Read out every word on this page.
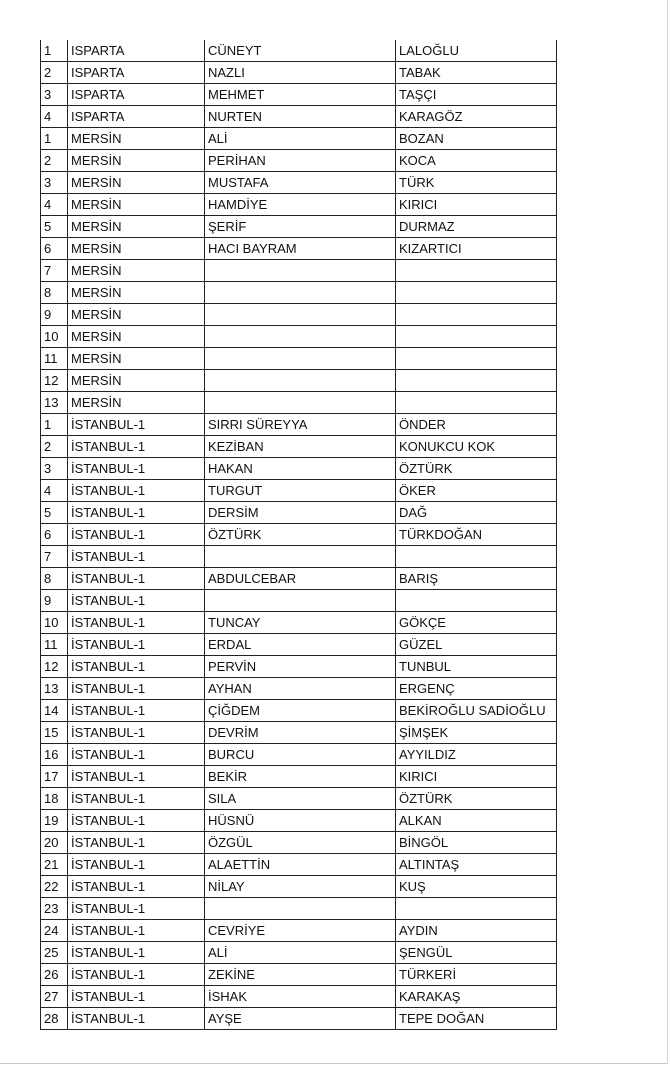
1	ISPARTA	CÜNEYT	LALOĞLU
2	ISPARTA	NAZLI	TABAK
3	ISPARTA	MEHMET	TAŞÇI
4	ISPARTA	NURTEN	KARAGÖZ
1	MERSİN	ALİ	BOZAN
2	MERSİN	PERİHAN	KOCA
3	MERSİN	MUSTAFA	TÜRK
4	MERSİN	HAMDİYE	KIRICI
5	MERSİN	ŞERİF	DURMAZ
6	MERSİN	HACI BAYRAM	KIZARTICI
7	MERSİN		
8	MERSİN		
9	MERSİN		
10	MERSİN		
11	MERSİN		
12	MERSİN		
13	MERSİN		
1	İSTANBUL-1	SIRRI SÜREYYA	ÖNDER
2	İSTANBUL-1	KEZİBAN	KONUKCU KOK
3	İSTANBUL-1	HAKAN	ÖZTÜRK
4	İSTANBUL-1	TURGUT	ÖKER
5	İSTANBUL-1	DERSİM	DAĞ
6	İSTANBUL-1	ÖZTÜRK	TÜRKDOĞAN
7	İSTANBUL-1		
8	İSTANBUL-1	ABDULCEBAR	BARIŞ
9	İSTANBUL-1		
10	İSTANBUL-1	TUNCAY	GÖKÇE
11	İSTANBUL-1	ERDAL	GÜZEL
12	İSTANBUL-1	PERVİN	TUNBUL
13	İSTANBUL-1	AYHAN	ERGENÇ
14	İSTANBUL-1	ÇİĞDEM	BEKİROĞLU SADİOĞLU
15	İSTANBUL-1	DEVRİM	ŞİMŞEK
16	İSTANBUL-1	BURCU	AYYILDIZ
17	İSTANBUL-1	BEKİR	KIRICI
18	İSTANBUL-1	SILA	ÖZTÜRK
19	İSTANBUL-1	HÜSNÜ	ALKAN
20	İSTANBUL-1	ÖZGÜL	BİNGÖL
21	İSTANBUL-1	ALAETTİN	ALTINTAŞ
22	İSTANBUL-1	NİLAY	KUŞ
23	İSTANBUL-1		
24	İSTANBUL-1	CEVRİYE	AYDIN
25	İSTANBUL-1	ALİ	ŞENGÜL
26	İSTANBUL-1	ZEKİNE	TÜRKERİ
27	İSTANBUL-1	İSHAK	KARAKAŞ
28	İSTANBUL-1	AYŞE	TEPE DOĞAN
